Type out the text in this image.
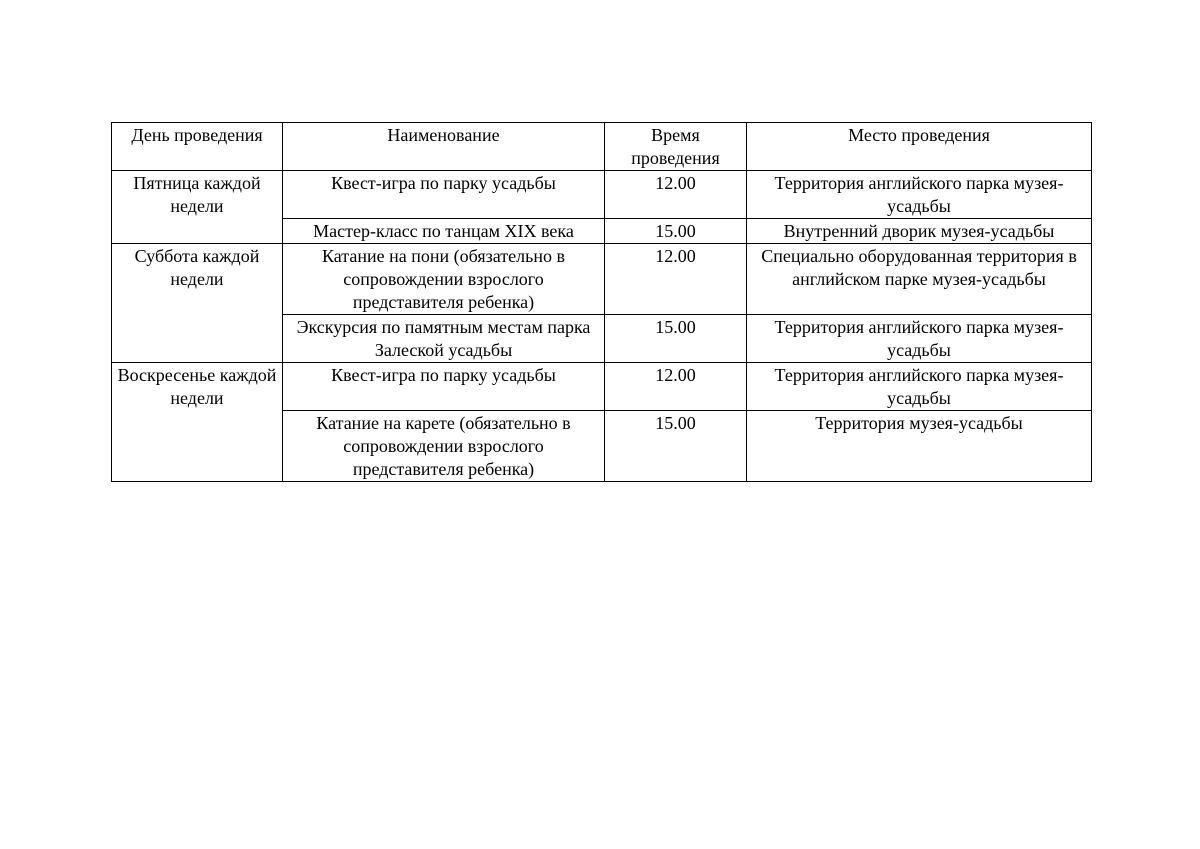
День проведения	Наименование	Время проведения	Место проведения
Пятница каждой недели	Квест-игра по парку усадьбы	12.00	Территория английского парка музея-усадьбы
	Мастер-класс по танцам XIX века	15.00	Внутренний дворик музея-усадьбы
Суббота каждой недели	Катание на пони (обязательно в сопровождении взрослого представителя ребенка)	12.00	Специально оборудованная территория в английском парке музея-усадьбы
	Экскурсия по памятным местам парка Залеской усадьбы	15.00	Территория английского парка музея-усадьбы
Воскресенье каждой недели	Квест-игра по парку усадьбы	12.00	Территория английского парка музея-усадьбы
	Катание на карете (обязательно в сопровождении взрослого представителя ребенка)	15.00	Территория музея-усадьбы
